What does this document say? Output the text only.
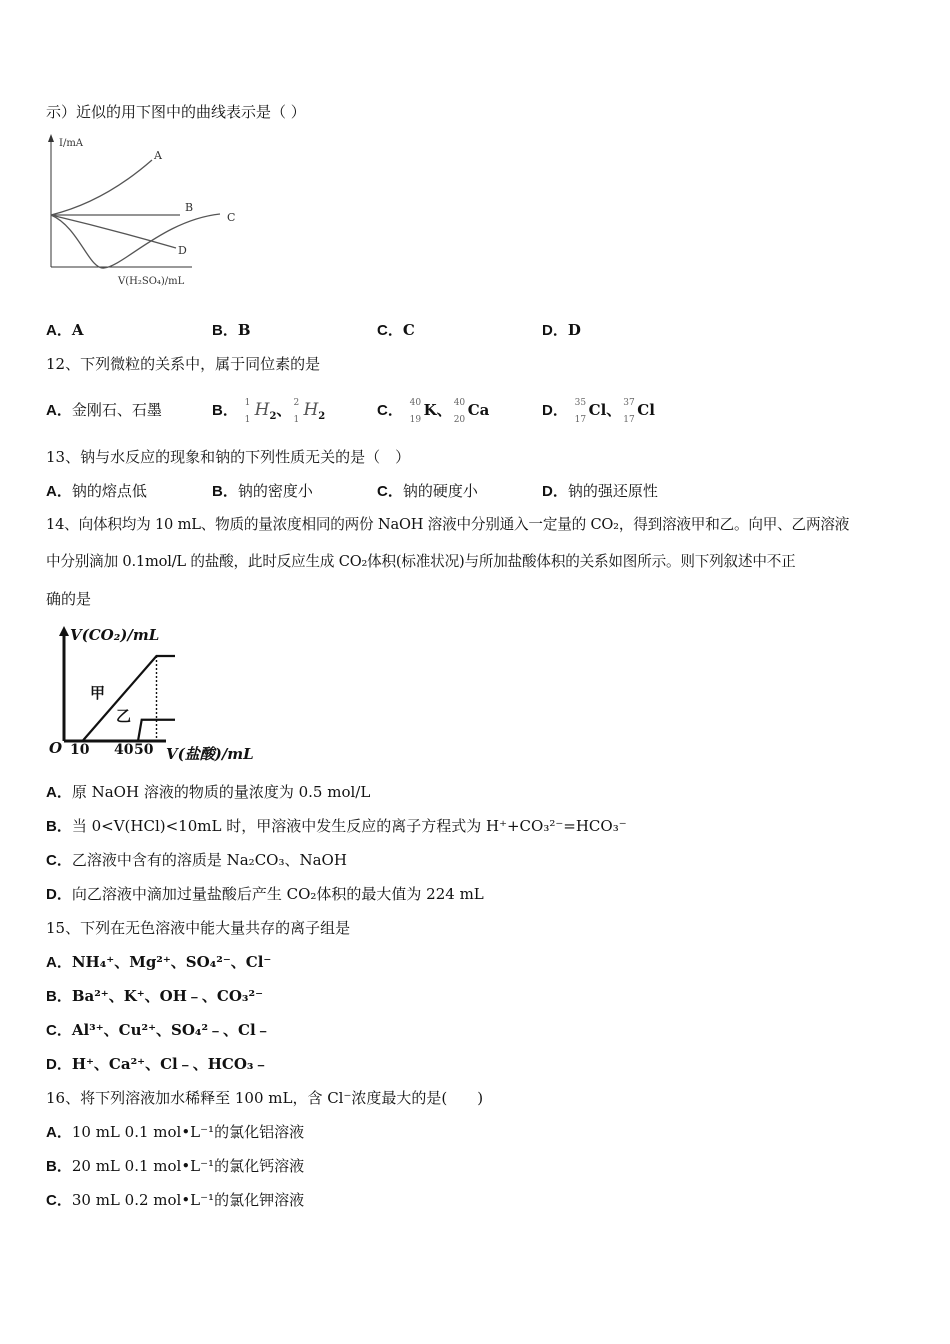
示）近似的用下图中的曲线表示是（ ）
I/mA
V(H₂SO₄)/mL
A
B
C
D
A．A	B．B	C．C	D．D
12、下列微粒的关系中，属于同位素的是
A．金刚石、石墨	B． 1
1 $H_2$、 2
1 $H_2$	C． 40
19
K、 40
20
Ca	D． 35
17
Cl、 37
17
Cl
13、钠与水反应的现象和钠的下列性质无关的是（　）
A．钠的熔点低	B．钠的密度小	C．钠的硬度小	D．钠的强还原性
14、向体积均为 10 mL、物质的量浓度相同的两份 NaOH 溶液中分别通入一定量的 CO₂，得到溶液甲和乙。向甲、乙两溶液
中分别滴加 0.1mol/L 的盐酸，此时反应生成 CO₂体积(标准状况)与所加盐酸体积的关系如图所示。则下列叙述中不正
确的是
V(CO₂)/mL
V(盐酸)/mL
O 10 40 50
甲
乙
A．原 NaOH 溶液的物质的量浓度为 0.5 mol/L
B．当 0<V(HCl)<10mL 时，甲溶液中发生反应的离子方程式为 H⁺+CO₃²⁻=HCO₃⁻
C．乙溶液中含有的溶质是 Na₂CO₃、NaOH
D．向乙溶液中滴加过量盐酸后产生 CO₂体积的最大值为 224 mL
15、下列在无色溶液中能大量共存的离子组是
A．NH₄⁺、Mg²⁺、SO₄²⁻、Cl⁻
B．Ba²⁺、K⁺、OH﹣、CO₃²⁻
C．Al³⁺、Cu²⁺、SO₄²﹣、Cl﹣
D．H⁺、Ca²⁺、Cl﹣、HCO₃﹣
16、将下列溶液加水稀释至 100 mL，含 Cl⁻浓度最大的是(　　)
A．10 mL 0.1 mol•L⁻¹的氯化铝溶液
B．20 mL 0.1 mol•L⁻¹的氯化钙溶液
C．30 mL 0.2 mol•L⁻¹的氯化钾溶液
